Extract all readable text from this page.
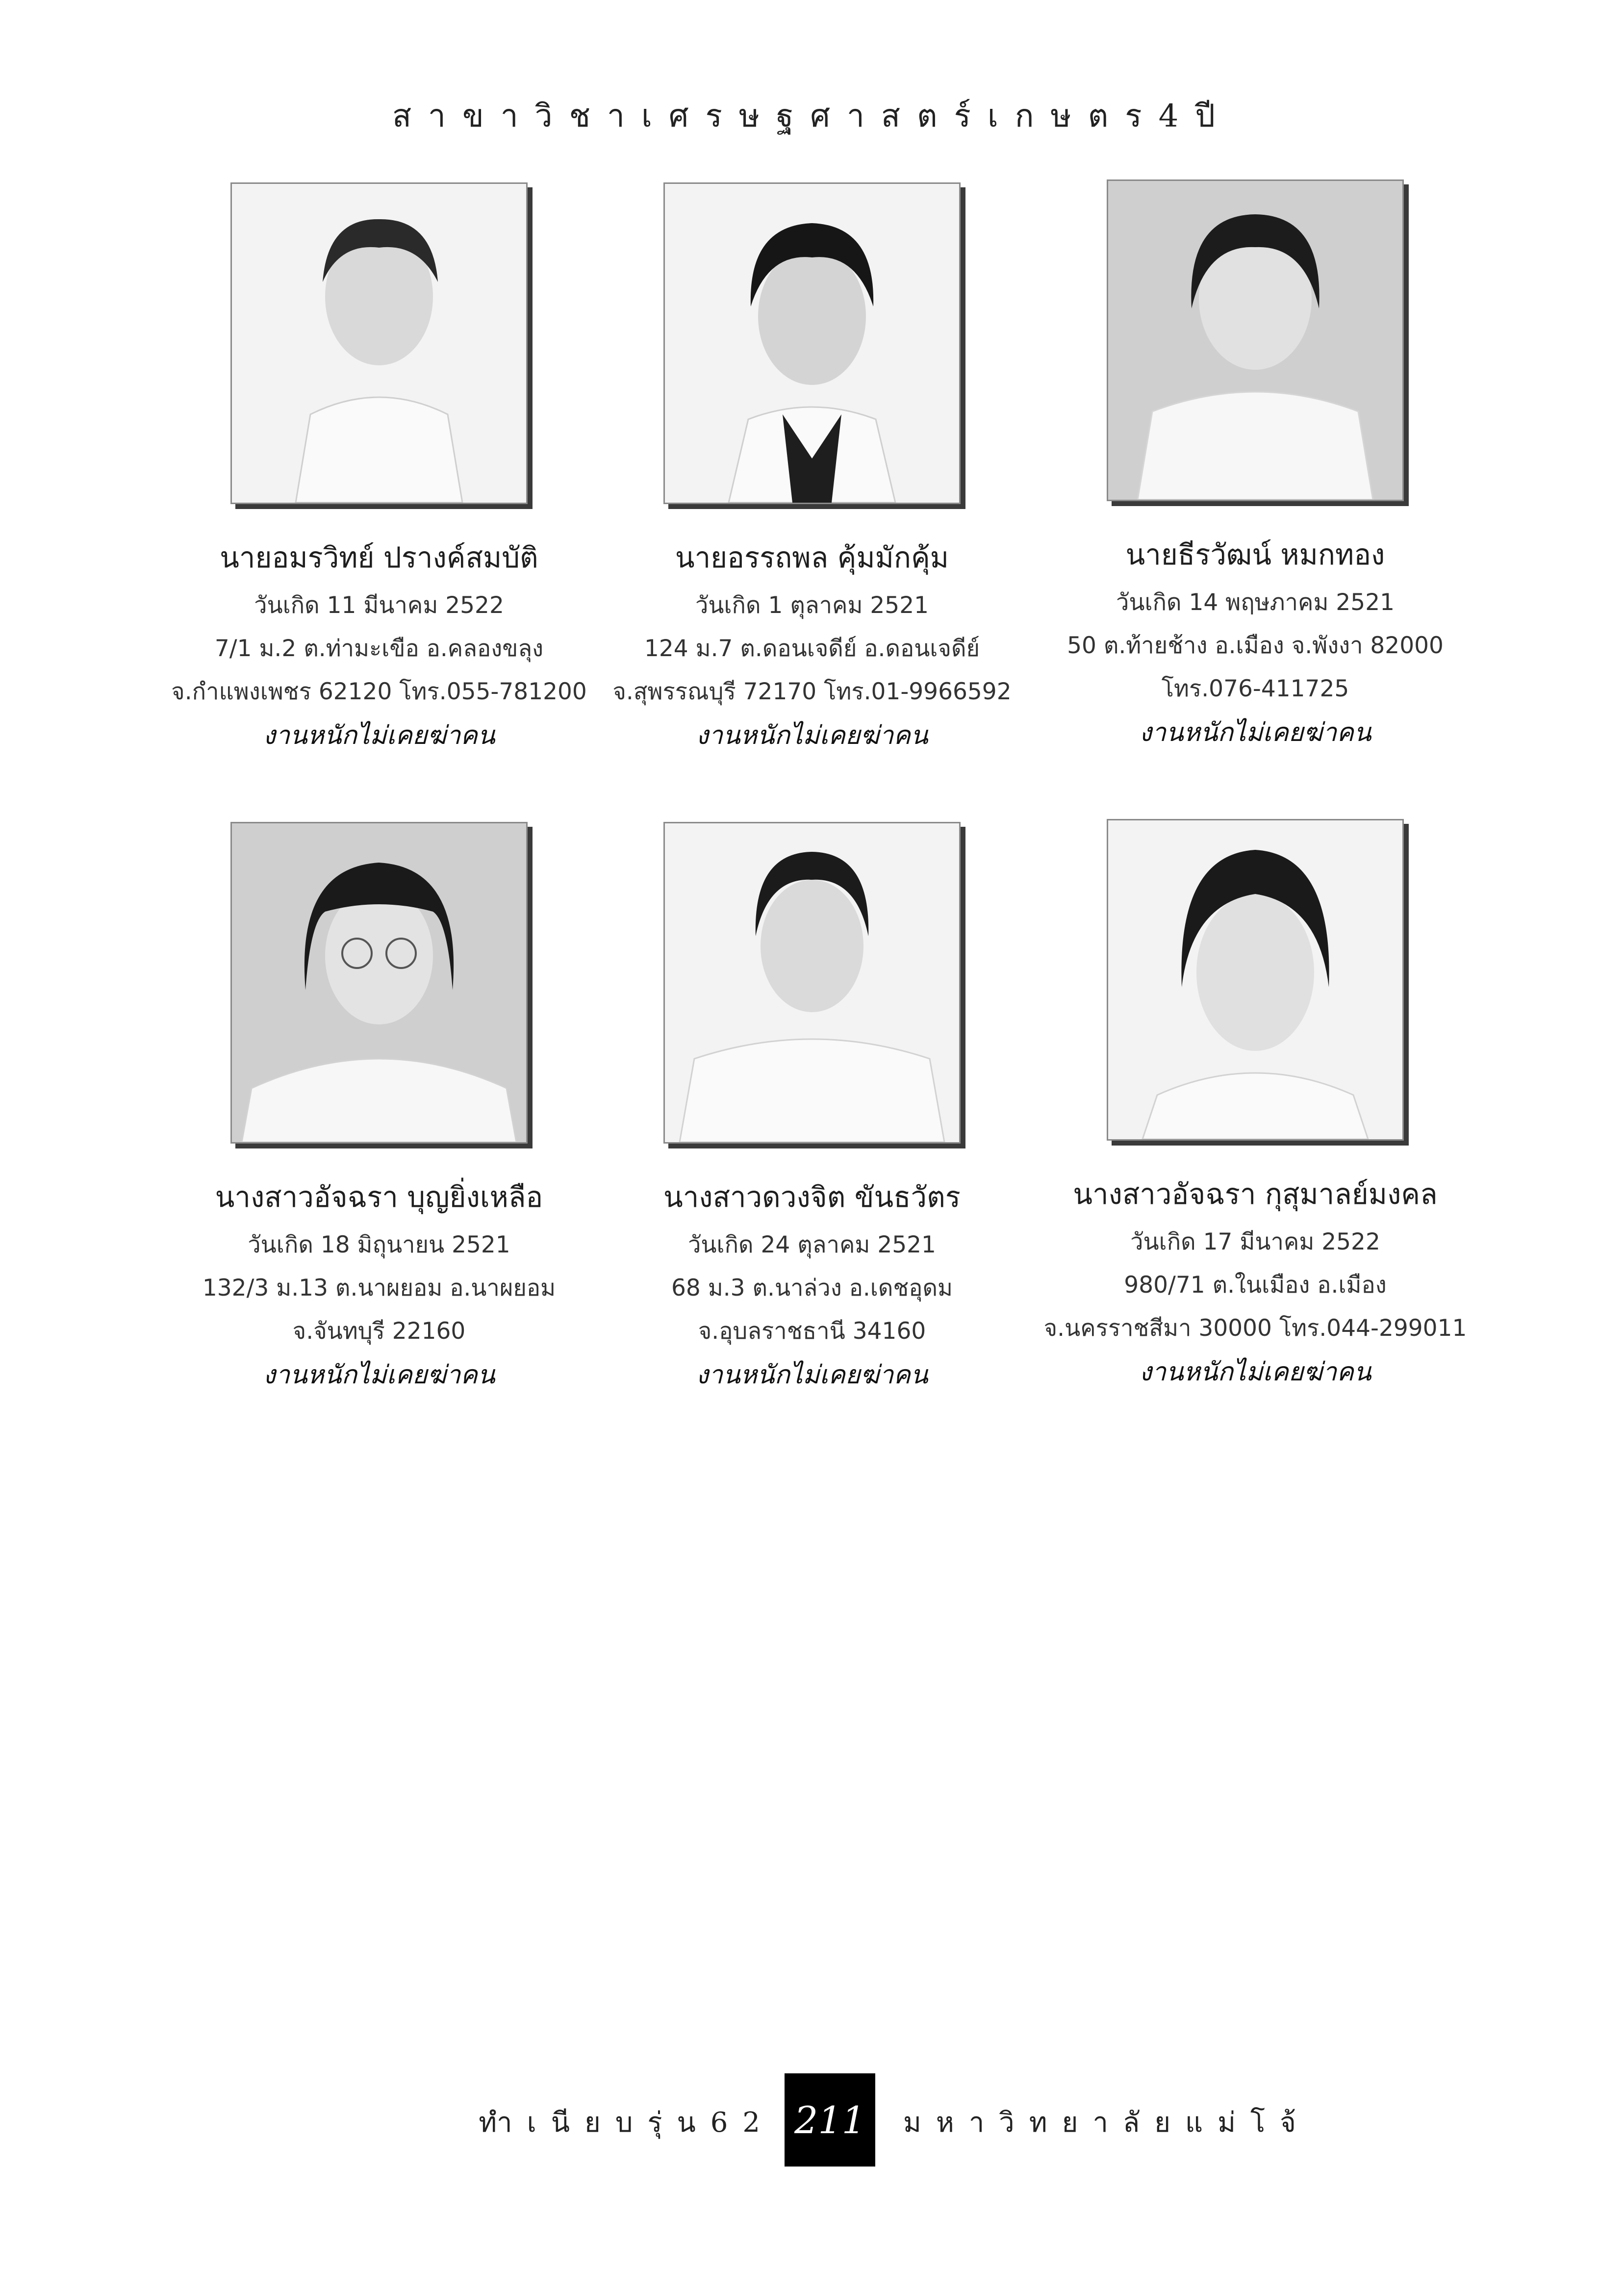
สาขาวิชาเศรษฐศาสตร์เกษตร4ปี
นายอมรวิทย์ ปรางค์สมบัติ
วันเกิด 11 มีนาคม 2522
7/1 ม.2 ต.ท่ามะเขือ อ.คลองขลุง
จ.กำแพงเพชร 62120 โทร.055-781200
งานหนักไม่เคยฆ่าคน
นายอรรถพล คุ้มมักคุ้ม
วันเกิด 1 ตุลาคม 2521
124 ม.7 ต.ดอนเจดีย์ อ.ดอนเจดีย์
จ.สุพรรณบุรี 72170 โทร.01-9966592
งานหนักไม่เคยฆ่าคน
นายธีรวัฒน์ หมกทอง
วันเกิด 14 พฤษภาคม 2521
50 ต.ท้ายช้าง อ.เมือง จ.พังงา 82000
โทร.076-411725
งานหนักไม่เคยฆ่าคน
นางสาวอัจฉรา บุญยิ่งเหลือ
วันเกิด 18 มิถุนายน 2521
132/3 ม.13 ต.นาผยอม อ.นาผยอม
จ.จันทบุรี 22160
งานหนักไม่เคยฆ่าคน
นางสาวดวงจิต ขันธวัตร
วันเกิด 24 ตุลาคม 2521
68 ม.3 ต.นาล่วง อ.เดชอุดม
จ.อุบลราชธานี 34160
งานหนักไม่เคยฆ่าคน
นางสาวอัจฉรา กุสุมาลย์มงคล
วันเกิด 17 มีนาคม 2522
980/71 ต.ในเมือง อ.เมือง
จ.นครราชสีมา 30000 โทร.044-299011
งานหนักไม่เคยฆ่าคน
ทำเนียบรุ่น62 211	มหาวิทยาลัยแม่โจ้
